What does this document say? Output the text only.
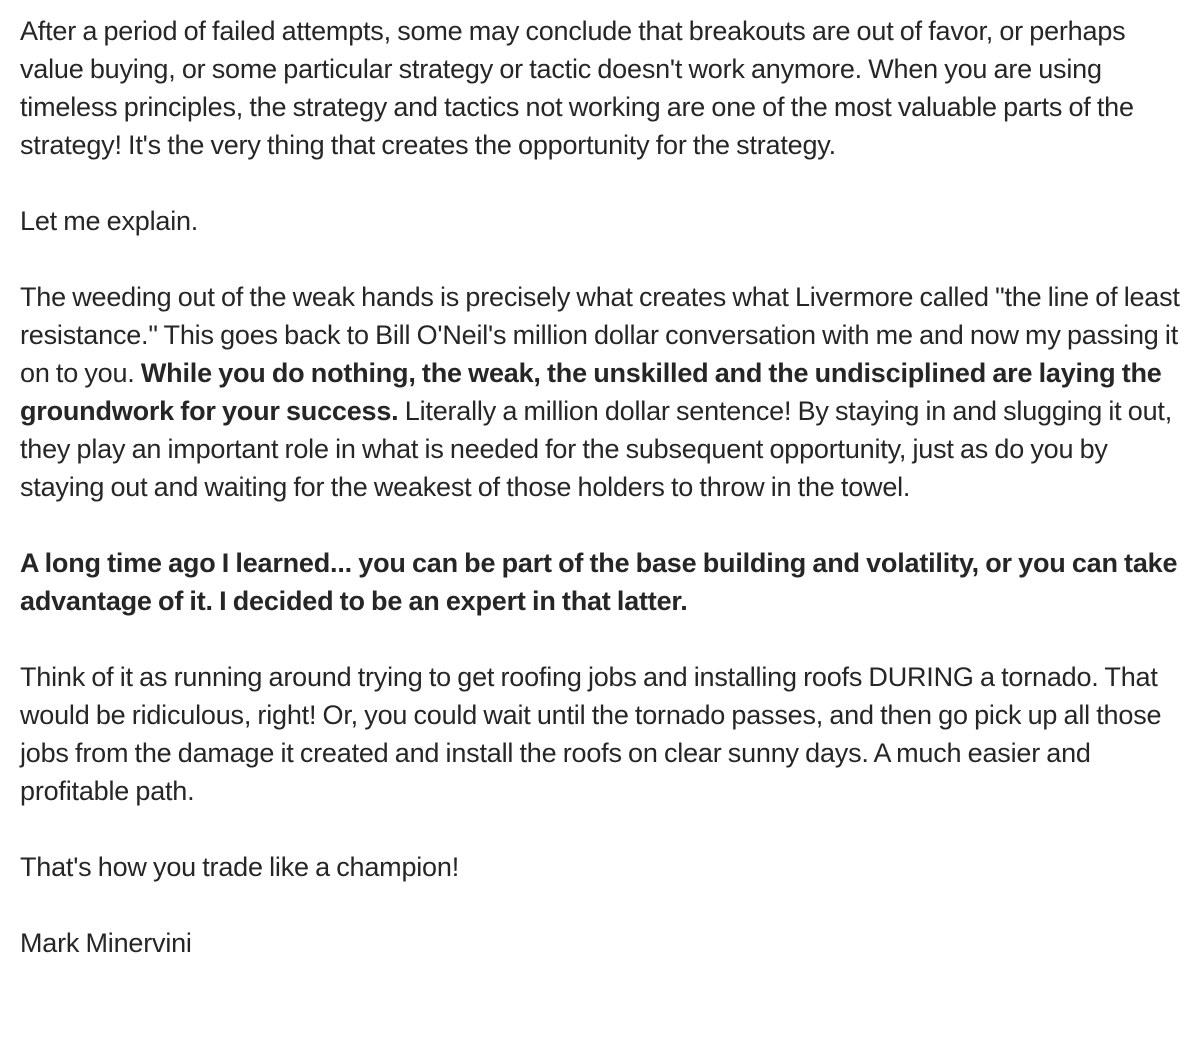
After a period of failed attempts, some may conclude that breakouts are out of favor, or perhaps value buying, or some particular strategy or tactic doesn't work anymore. When you are using timeless principles, the strategy and tactics not working are one of the most valuable parts of the strategy! It's the very thing that creates the opportunity for the strategy.

Let me explain.

The weeding out of the weak hands is precisely what creates what Livermore called "the line of least resistance." This goes back to Bill O'Neil's million dollar conversation with me and now my passing it on to you. While you do nothing, the weak, the unskilled and the undisciplined are laying the groundwork for your success. Literally a million dollar sentence! By staying in and slugging it out, they play an important role in what is needed for the subsequent opportunity, just as do you by staying out and waiting for the weakest of those holders to throw in the towel.

A long time ago I learned... you can be part of the base building and volatility, or you can take advantage of it. I decided to be an expert in that latter.

Think of it as running around trying to get roofing jobs and installing roofs DURING a tornado. That would be ridiculous, right! Or, you could wait until the tornado passes, and then go pick up all those jobs from the damage it created and install the roofs on clear sunny days. A much easier and profitable path.

That's how you trade like a champion!

Mark Minervini
